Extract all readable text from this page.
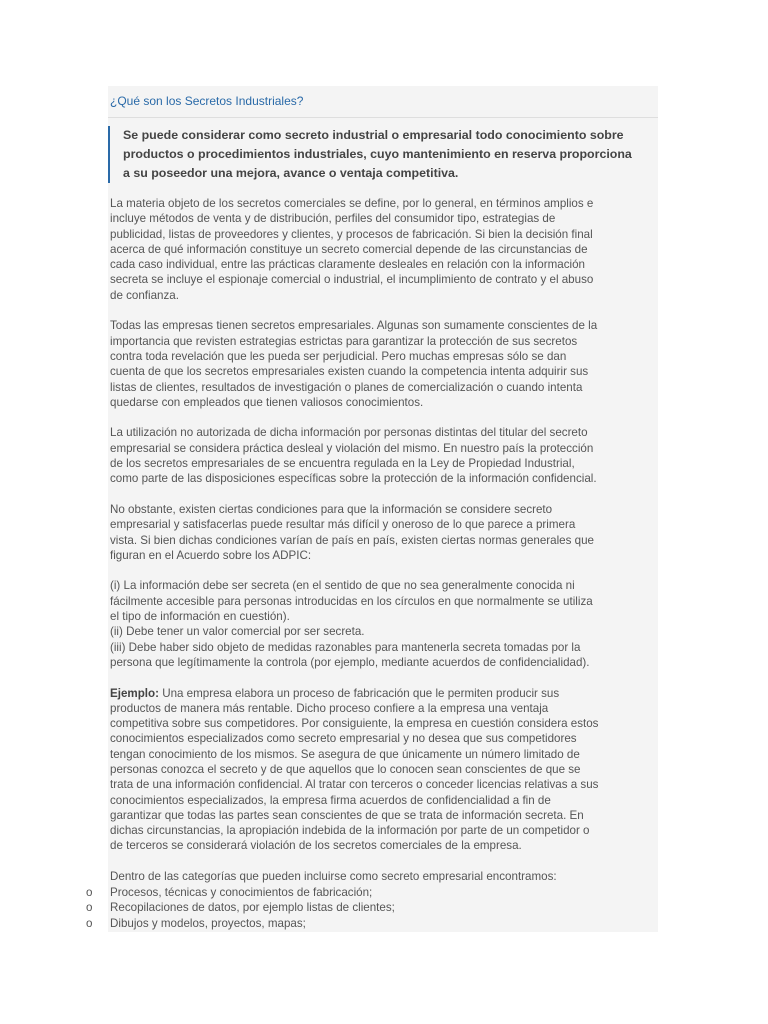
¿Qué son los Secretos Industriales?
Se puede considerar como secreto industrial o empresarial todo conocimiento sobre
productos o procedimientos industriales, cuyo mantenimiento en reserva proporciona
a su poseedor una mejora, avance o ventaja competitiva.

La materia objeto de los secretos comerciales se define, por lo general, en términos amplios e
incluye métodos de venta y de distribución, perfiles del consumidor tipo, estrategias de
publicidad, listas de proveedores y clientes, y procesos de fabricación. Si bien la decisión final
acerca de qué información constituye un secreto comercial depende de las circunstancias de
cada caso individual, entre las prácticas claramente desleales en relación con la información
secreta se incluye el espionaje comercial o industrial, el incumplimiento de contrato y el abuso
de confianza.

Todas las empresas tienen secretos empresariales. Algunas son sumamente conscientes de la
importancia que revisten estrategias estrictas para garantizar la protección de sus secretos
contra toda revelación que les pueda ser perjudicial. Pero muchas empresas sólo se dan
cuenta de que los secretos empresariales existen cuando la competencia intenta adquirir sus
listas de clientes, resultados de investigación o planes de comercialización o cuando intenta
quedarse con empleados que tienen valiosos conocimientos.

La utilización no autorizada de dicha información por personas distintas del titular del secreto
empresarial se considera práctica desleal y violación del mismo. En nuestro país la protección
de los secretos empresariales de se encuentra regulada en la Ley de Propiedad Industrial,
como parte de las disposiciones específicas sobre la protección de la información confidencial.

No obstante, existen ciertas condiciones para que la información se considere secreto
empresarial y satisfacerlas puede resultar más difícil y oneroso de lo que parece a primera
vista. Si bien dichas condiciones varían de país en país, existen ciertas normas generales que
figuran en el Acuerdo sobre los ADPIC:

(i) La información debe ser secreta (en el sentido de que no sea generalmente conocida ni
fácilmente accesible para personas introducidas en los círculos en que normalmente se utiliza
el tipo de información en cuestión).
(ii) Debe tener un valor comercial por ser secreta.
(iii) Debe haber sido objeto de medidas razonables para mantenerla secreta tomadas por la
persona que legítimamente la controla (por ejemplo, mediante acuerdos de confidencialidad).

Ejemplo: Una empresa elabora un proceso de fabricación que le permiten producir sus
productos de manera más rentable. Dicho proceso confiere a la empresa una ventaja
competitiva sobre sus competidores. Por consiguiente, la empresa en cuestión considera estos
conocimientos especializados como secreto empresarial y no desea que sus competidores
tengan conocimiento de los mismos. Se asegura de que únicamente un número limitado de
personas conozca el secreto y de que aquellos que lo conocen sean conscientes de que se
trata de una información confidencial. Al tratar con terceros o conceder licencias relativas a sus
conocimientos especializados, la empresa firma acuerdos de confidencialidad a fin de
garantizar que todas las partes sean conscientes de que se trata de información secreta. En
dichas circunstancias, la apropiación indebida de la información por parte de un competidor o
de terceros se considerará violación de los secretos comerciales de la empresa.

Dentro de las categorías que pueden incluirse como secreto empresarial encontramos:

o Procesos, técnicas y conocimientos de fabricación;
o Recopilaciones de datos, por ejemplo listas de clientes;
o Dibujos y modelos, proyectos, mapas;
